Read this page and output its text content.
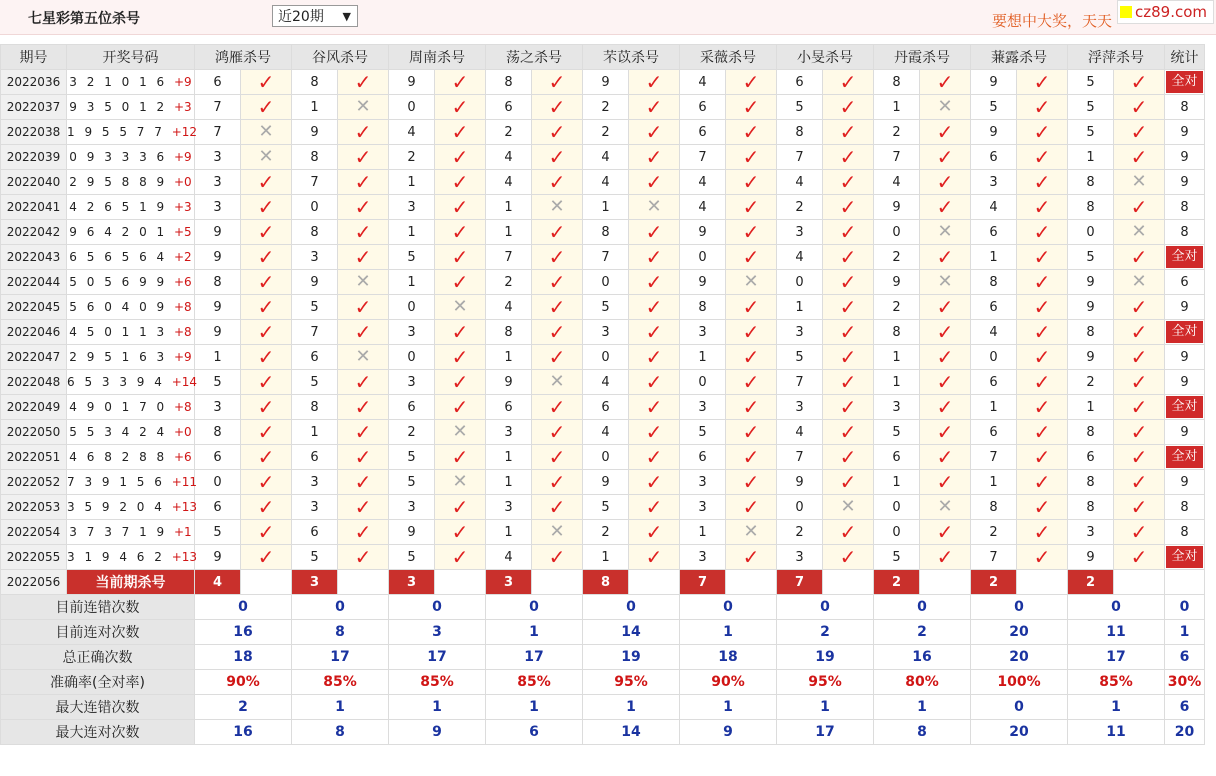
七星彩第五位杀号	近20期 ▼	要想中大奖，天天	cz89.com
期号	开奖号码	鸿雁杀号		谷风杀号		周南杀号		荡之杀号		芣苡杀号		采薇杀号		小旻杀号		丹霞杀号		蒹露杀号		浮萍杀号		统计
2022036	3 2 1 0 1 6 +9	6	✓	8	✓	9	✓	8	✓	9	✓	4	✓	6	✓	8	✓	9	✓	5	✓	全对

2022037	9 3 5 0 1 2 +3	7	✓	1	✕	0	✓	6	✓	2	✓	6	✓	5	✓	1	✕	5	✓	5	✓	8
2022038	1 9 5 5 7 7 +12	7	✕	9	✓	4	✓	2	✓	2	✓	6	✓	8	✓	2	✓	9	✓	5	✓	9
2022039	0 9 3 3 3 6 +9	3	✕	8	✓	2	✓	4	✓	4	✓	7	✓	7	✓	7	✓	6	✓	1	✓	9
2022040	2 9 5 8 8 9 +0	3	✓	7	✓	1	✓	4	✓	4	✓	4	✓	4	✓	4	✓	3	✓	8	✕	9
2022041	4 2 6 5 1 9 +3	3	✓	0	✓	3	✓	1	✕	1	✕	4	✓	2	✓	9	✓	4	✓	8	✓	8
2022042	9 6 4 2 0 1 +5	9	✓	8	✓	1	✓	1	✓	8	✓	9	✓	3	✓	0	✕	6	✓	0	✕	8
2022043	6 5 6 5 6 4 +2	9	✓	3	✓	5	✓	7	✓	7	✓	0	✓	4	✓	2	✓	1	✓	5	✓	全对

2022044	5 0 5 6 9 9 +6	8	✓	9	✕	1	✓	2	✓	0	✓	9	✕	0	✓	9	✕	8	✓	9	✕	6
2022045	5 6 0 4 0 9 +8	9	✓	5	✓	0	✕	4	✓	5	✓	8	✓	1	✓	2	✓	6	✓	9	✓	9
2022046	4 5 0 1 1 3 +8	9	✓	7	✓	3	✓	8	✓	3	✓	3	✓	3	✓	8	✓	4	✓	8	✓	全对

2022047	2 9 5 1 6 3 +9	1	✓	6	✕	0	✓	1	✓	0	✓	1	✓	5	✓	1	✓	0	✓	9	✓	9
2022048	6 5 3 3 9 4 +14	5	✓	5	✓	3	✓	9	✕	4	✓	0	✓	7	✓	1	✓	6	✓	2	✓	9
2022049	4 9 0 1 7 0 +8	3	✓	8	✓	6	✓	6	✓	6	✓	3	✓	3	✓	3	✓	1	✓	1	✓	全对

2022050	5 5 3 4 2 4 +0	8	✓	1	✓	2	✕	3	✓	4	✓	5	✓	4	✓	5	✓	6	✓	8	✓	9
2022051	4 6 8 2 8 8 +6	6	✓	6	✓	5	✓	1	✓	0	✓	6	✓	7	✓	6	✓	7	✓	6	✓	全对

2022052	7 3 9 1 5 6 +11	0	✓	3	✓	5	✕	1	✓	9	✓	3	✓	9	✓	1	✓	1	✓	8	✓	9
2022053	3 5 9 2 0 4 +13	6	✓	3	✓	3	✓	3	✓	5	✓	3	✓	0	✕	0	✕	8	✓	8	✓	8
2022054	3 7 3 7 1 9 +1	5	✓	6	✓	9	✓	1	✕	2	✓	1	✕	2	✓	0	✓	2	✓	3	✓	8
2022055	3 1 9 4 6 2 +13	9	✓	5	✓	5	✓	4	✓	1	✓	3	✓	3	✓	5	✓	7	✓	9	✓	全对

2022056	当前期杀号	4		3		3		3		8		7		7		2		2		2		
目前连错次数		0		0		0		0		0		0		0		0		0		0		0
目前连对次数		16		8		3		1		14		1		2		2		20		11		1
总正确次数		18		17		17		17		19		18		19		16		20		17		6
准确率(全对率)		90%		85%		85%		85%		95%		90%		95%		80%		100%		85%		30%
最大连错次数		2		1		1		1		1		1		1		1		0		1		6
最大连对次数		16		8		9		6		14		9		17		8		20		11		20
